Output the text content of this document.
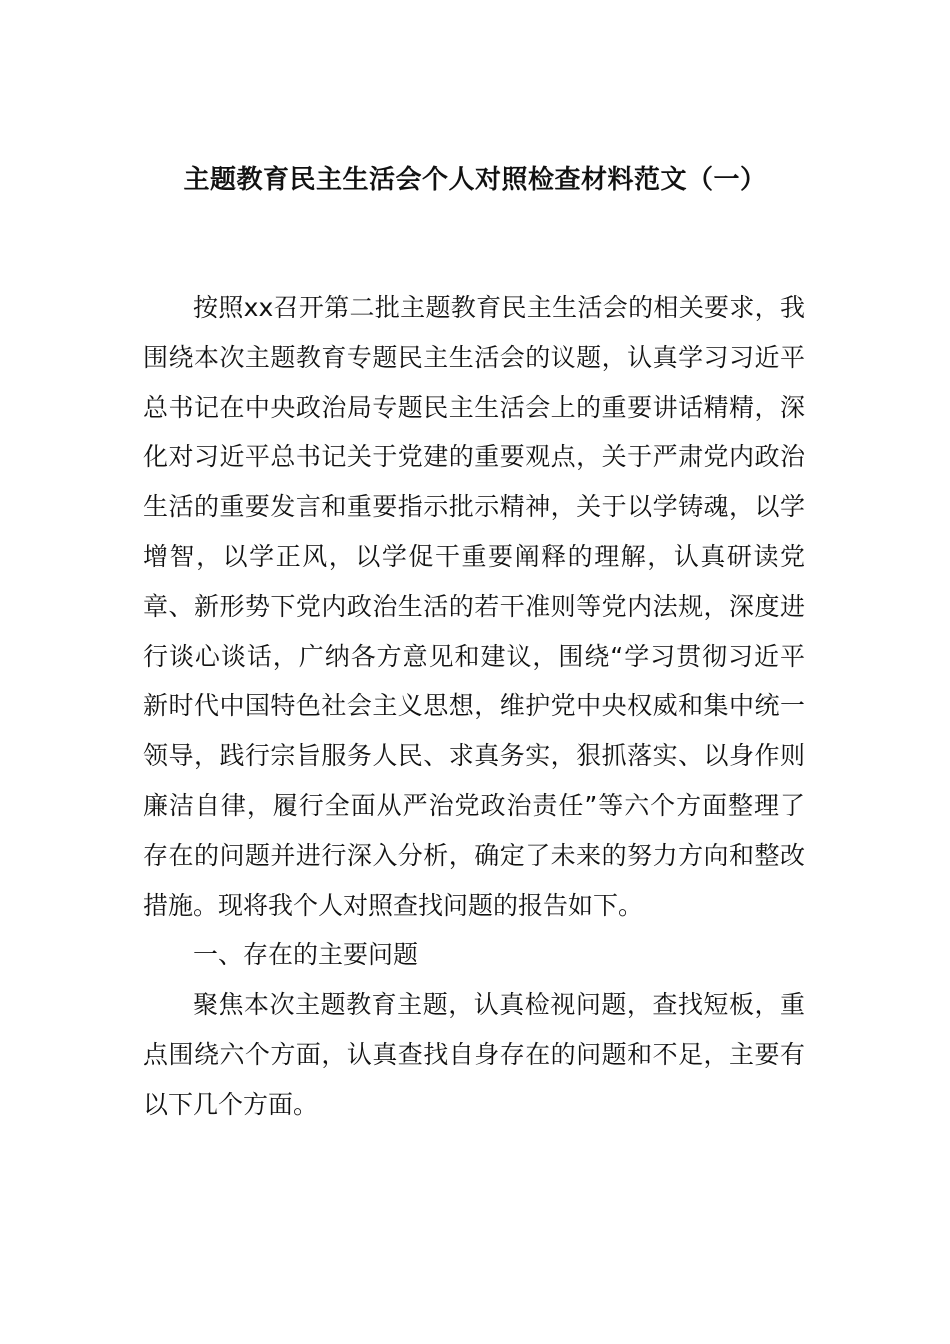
主题教育民主生活会个人对照检查材料范文（一）

按照xx召开第二批主题教育民主生活会的相关要求，我围绕本次主题教育专题民主生活会的议题，认真学习习近平总书记在中央政治局专题民主生活会上的重要讲话精精，深化对习近平总书记关于党建的重要观点，关于严肃党内政治生活的重要发言和重要指示批示精神，关于以学铸魂，以学增智，以学正风，以学促干重要阐释的理解，认真研读党章、新形势下党内政治生活的若干准则等党内法规，深度进行谈心谈话，广纳各方意见和建议，围绕“学习贯彻习近平新时代中国特色社会主义思想，维护党中央权威和集中统一领导，践行宗旨服务人民、求真务实，狠抓落实、以身作则廉洁自律，履行全面从严治党政治责任”等六个方面整理了存在的问题并进行深入分析，确定了未来的努力方向和整改措施。现将我个人对照查找问题的报告如下。

一、存在的主要问题

聚焦本次主题教育主题，认真检视问题，查找短板，重点围绕六个方面，认真查找自身存在的问题和不足，主要有以下几个方面。
